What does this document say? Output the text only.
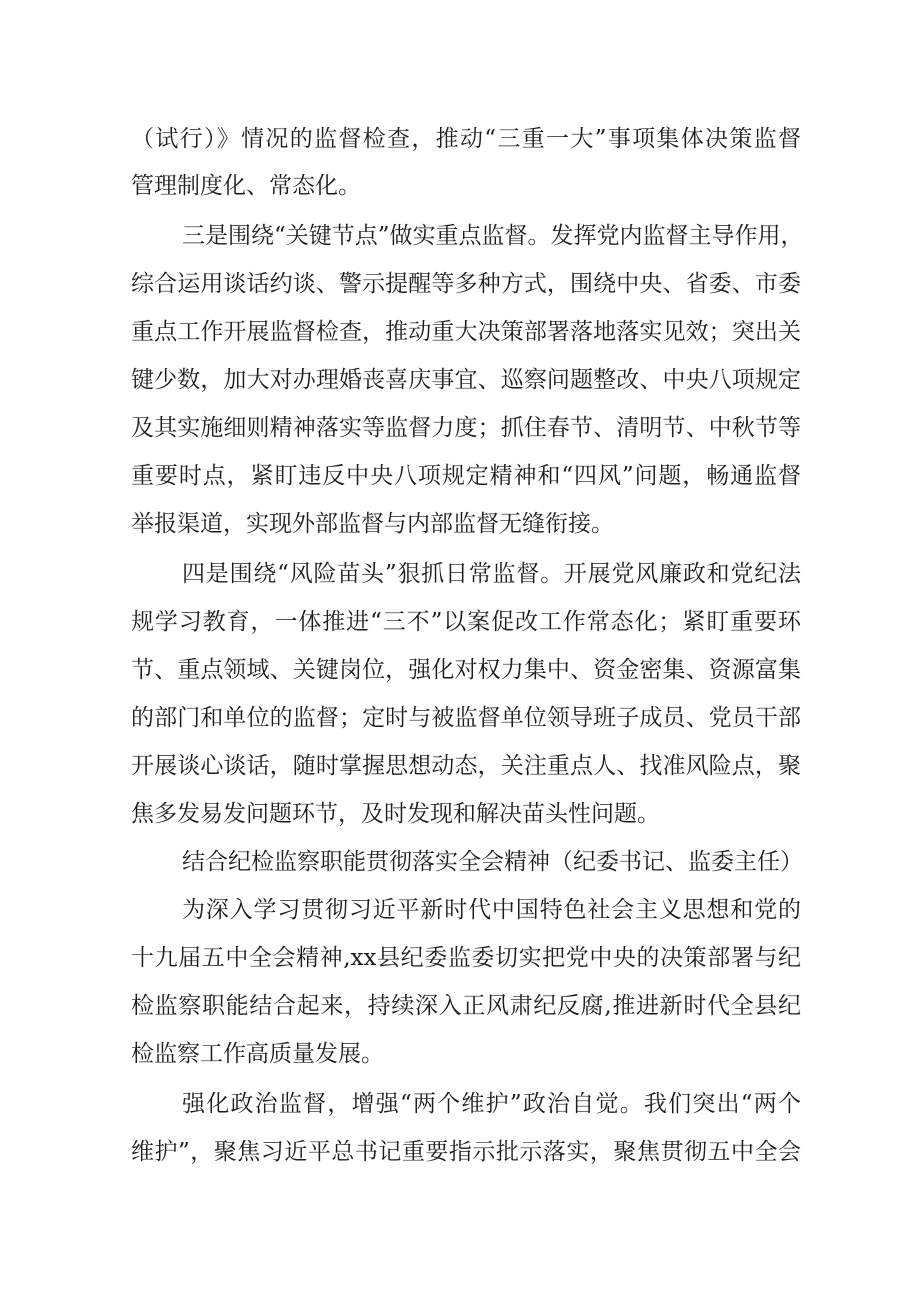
（试行）》情况的监督检查，推动“三重一大”事项集体决策监督
管理制度化、常态化。
三是围绕“关键节点”做实重点监督。发挥党内监督主导作用，
综合运用谈话约谈、警示提醒等多种方式，围绕中央、省委、市委
重点工作开展监督检查，推动重大决策部署落地落实见效；突出关
键少数，加大对办理婚丧喜庆事宜、巡察问题整改、中央八项规定
及其实施细则精神落实等监督力度；抓住春节、清明节、中秋节等
重要时点，紧盯违反中央八项规定精神和“四风”问题，畅通监督
举报渠道，实现外部监督与内部监督无缝衔接。
四是围绕“风险苗头”狠抓日常监督。开展党风廉政和党纪法
规学习教育，一体推进“三不”以案促改工作常态化；紧盯重要环
节、重点领域、关键岗位，强化对权力集中、资金密集、资源富集
的部门和单位的监督；定时与被监督单位领导班子成员、党员干部
开展谈心谈话，随时掌握思想动态，关注重点人、找准风险点，聚
焦多发易发问题环节，及时发现和解决苗头性问题。
结合纪检监察职能贯彻落实全会精神（纪委书记、监委主任）
为深入学习贯彻习近平新时代中国特色社会主义思想和党的
十九届五中全会精神,xx县纪委监委切实把党中央的决策部署与纪
检监察职能结合起来，持续深入正风肃纪反腐,推进新时代全县纪
检监察工作高质量发展。
强化政治监督，增强“两个维护”政治自觉。我们突出“两个
维护”，聚焦习近平总书记重要指示批示落实，聚焦贯彻五中全会
